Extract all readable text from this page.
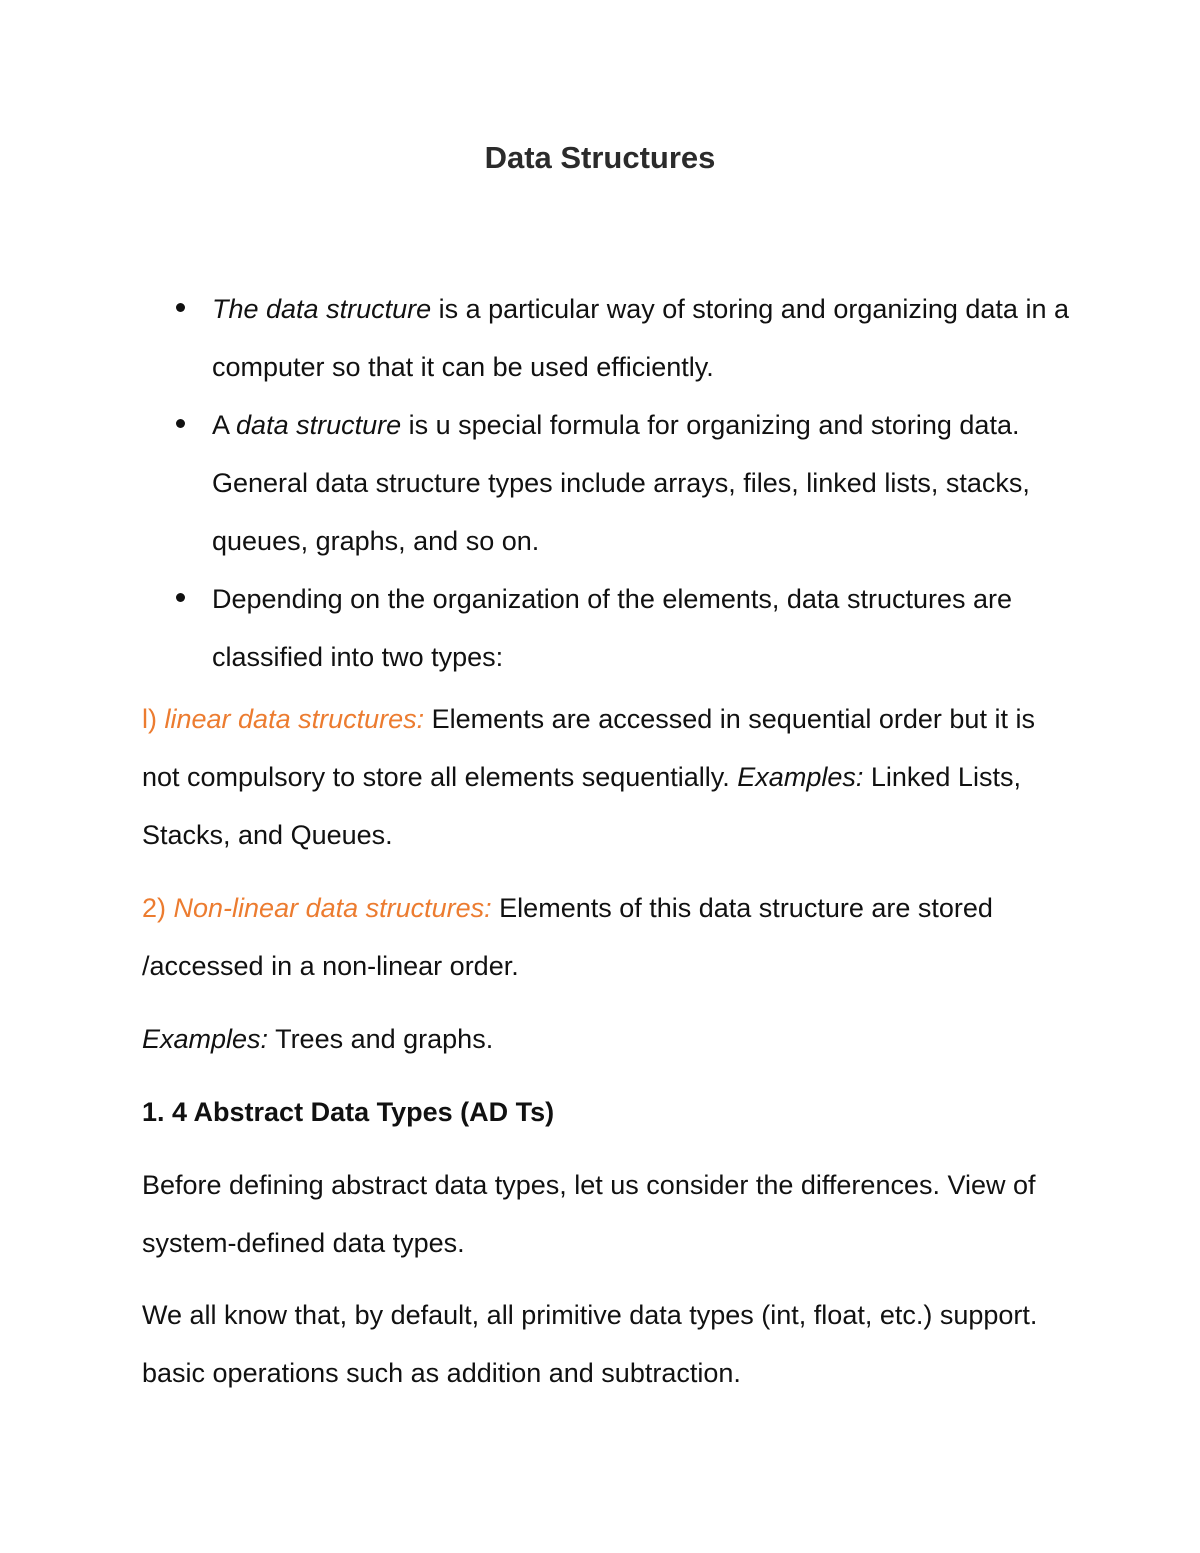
Data Structures
The data structure is a particular way of storing and organizing data in a computer so that it can be used efficiently.
A data structure is u special formula for organizing and storing data. General data structure types include arrays, files, linked lists, stacks, queues, graphs, and so on.
Depending on the organization of the elements, data structures are classified into two types:

l) linear data structures: Elements are accessed in sequential order but it is not compulsory to store all elements sequentially. Examples: Linked Lists, Stacks, and Queues.

2) Non-linear data structures: Elements of this data structure are stored /accessed in a non-linear order.

Examples: Trees and graphs.

1. 4 Abstract Data Types (AD Ts)

Before defining abstract data types, let us consider the differences. View of system-defined data types.

We all know that, by default, all primitive data types (int, float, etc.) support. basic operations such as addition and subtraction.
